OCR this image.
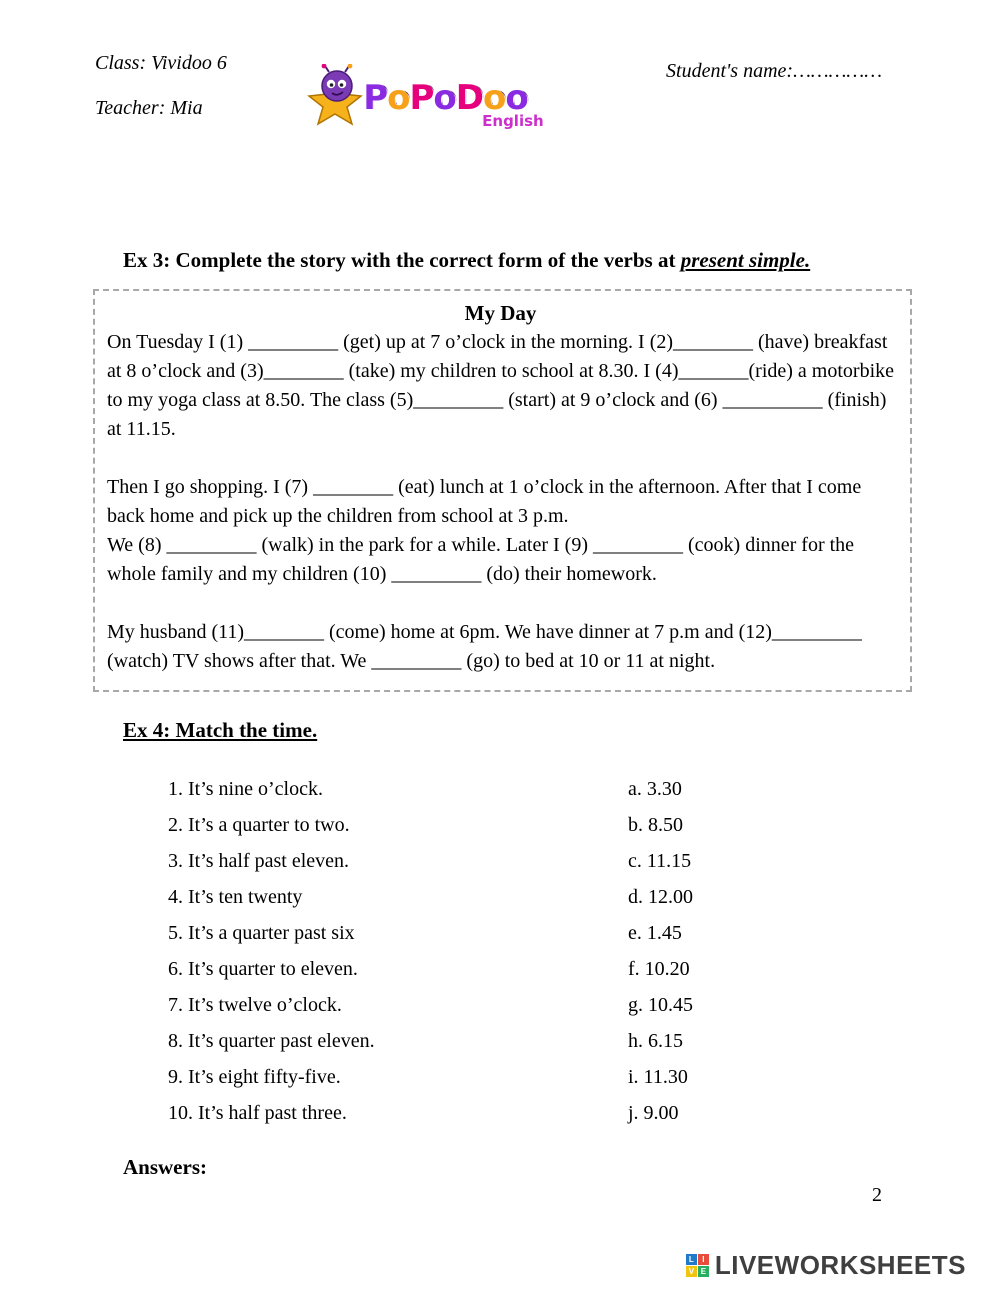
Class: Vividoo 6
Teacher: Mia	PoPoDoo
English
Student's name:……………
Ex 3: Complete the story with the correct form of the verbs at present simple.
My Day

On Tuesday I (1) _________ (get) up at 7 o’clock in the morning. I (2)________ (have) breakfast at 8 o’clock and (3)________ (take) my children to school at 8.30. I (4)_______(ride) a motorbike to my yoga class at 8.50. The class (5)_________ (start) at 9 o’clock and (6) __________ (finish) at 11.15.

Then I go shopping. I (7) ________ (eat) lunch at 1 o’clock in the afternoon. After that I come back home and pick up the children from school at 3 p.m.

We (8) _________ (walk) in the park for a while. Later I (9) _________ (cook) dinner for the whole family and my children (10) _________ (do) their homework.

My husband (11)________ (come) home at 6pm. We have dinner at 7 p.m and (12)_________ (watch) TV shows after that. We _________ (go) to bed at 10 or 11 at night.

Ex 4: Match the time.
1. It’s nine o’clock.	a. 3.30
2. It’s a quarter to two.	b. 8.50
3. It’s half past eleven.	c. 11.15
4. It’s ten twenty	d. 12.00
5. It’s a quarter past six	e. 1.45
6. It’s quarter to eleven.	f. 10.20
7. It’s twelve o’clock.	g. 10.45
8. It’s quarter past eleven.	h. 6.15
9. It’s eight fifty-five.	i. 11.30
10. It’s half past three.	j. 9.00
Answers:
2
L	I
V E LIVEWORKSHEETS
